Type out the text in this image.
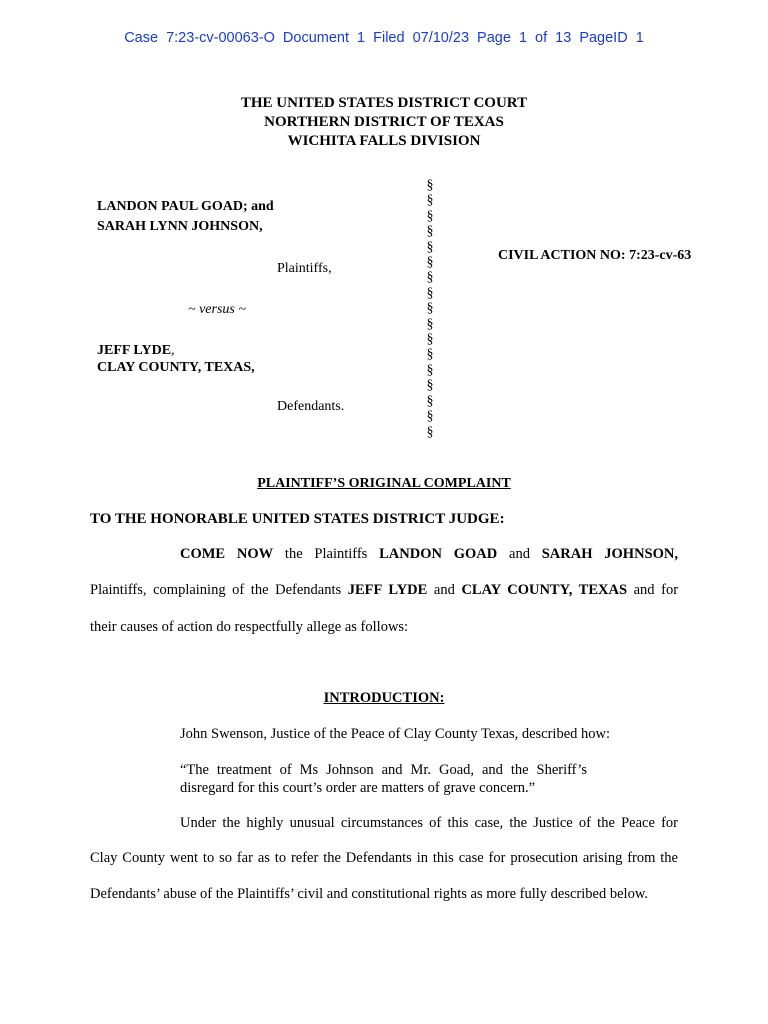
Case 7:23-cv-00063-O Document 1 Filed 07/10/23 Page 1 of 13 PageID 1
THE UNITED STATES DISTRICT COURT
NORTHERN DISTRICT OF TEXAS
WICHITA FALLS DIVISION
LANDON PAUL GOAD; and
SARAH LYNN JOHNSON,
Plaintiffs,
~ versus ~
JEFF LYDE,
CLAY COUNTY, TEXAS,
Defendants.
§
§
§
§
§
§
§
§
§
§
§
§
§
§
§
§
§
CIVIL ACTION NO: 7:23-cv-63
PLAINTIFF’S ORIGINAL COMPLAINT
TO THE HONORABLE UNITED STATES DISTRICT JUDGE:
COME NOW the Plaintiffs LANDON GOAD and SARAH JOHNSON,
Plaintiffs, complaining of the Defendants JEFF LYDE and CLAY COUNTY, TEXAS and for
their causes of action do respectfully allege as follows:
INTRODUCTION:
John Swenson, Justice of the Peace of Clay County Texas, described how:
“The treatment of Ms Johnson and Mr. Goad, and the Sheriff’s
disregard for this court’s order are matters of grave concern.”
Under the highly unusual circumstances of this case, the Justice of the Peace for
Clay County went to so far as to refer the Defendants in this case for prosecution arising from the
Defendants’ abuse of the Plaintiffs’ civil and constitutional rights as more fully described below.
